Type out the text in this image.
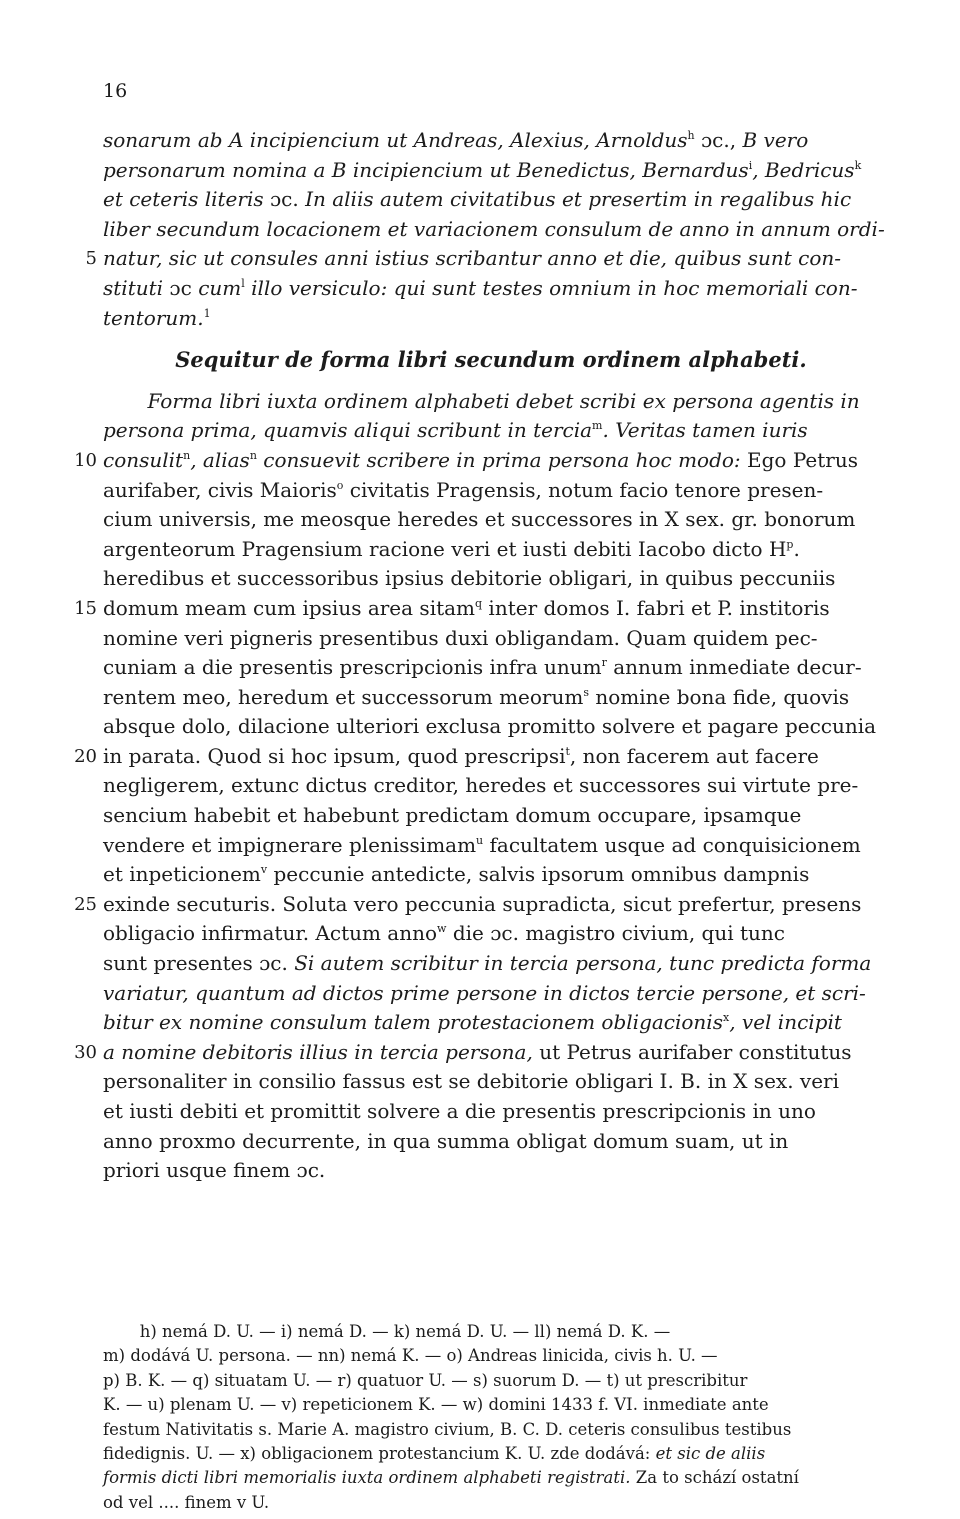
16
sonarum ab A incipiencium ut Andreas, Alexius, Arnoldus$^h$ ɔc., B vero
personarum nomina a B incipiencium ut Benedictus, Bernardus$^i$, Bedricus$^k$
et ceteris literis ɔc. In aliis autem civitatibus et presertim in regalibus hic
liber secundum locacionem et variacionem consulum de anno in annum ordi-
5 natur, sic ut consules anni istius scribantur anno et die, quibus sunt con-
stituti ɔc cum$^l$ illo versiculo: qui sunt testes omnium in hoc memoriali con-
tentorum.$^1$
Sequitur de forma libri secundum ordinem alphabeti.
Forma libri iuxta ordinem alphabeti debet scribi ex persona agentis in
persona prima, quamvis aliqui scribunt in tercia$^m$. Veritas tamen iuris
10 consulit$^n$, alias$^n$ consuevit scribere in prima persona hoc modo: Ego Petrus
aurifaber, civis Maioris$^o$ civitatis Pragensis, notum facio tenore presen-
cium universis, me meosque heredes et successores in X sex. gr. bonorum
argenteorum Pragensium racione veri et iusti debiti Iacobo dicto $H^p$.
heredibus et successoribus ipsius debitorie obligari, in quibus peccuniis
15 domum meam cum ipsius area sitam$^q$ inter domos I. fabri et P. institoris
nomine veri pigneris presentibus duxi obligandam. Quam quidem pec-
cuniam a die presentis prescripcionis infra unum$^r$ annum inmediate decur-
rentem meo, heredum et successorum meorum$^s$ nomine bona fide, quovis
absque dolo, dilacione ulteriori exclusa promitto solvere et pagare peccunia
20 in parata. Quod si hoc ipsum, quod prescripsi$^t$, non facerem aut facere
negligerem, extunc dictus creditor, heredes et successores sui virtute pre-
sencium habebit et habebunt predictam domum occupare, ipsamque
vendere et impignerare plenissimam$^u$ facultatem usque ad conquisicionem
et inpeticionem$^v$ peccunie antedicte, salvis ipsorum omnibus dampnis
25 exinde secuturis. Soluta vero peccunia supradicta, sicut prefertur, presens
obligacio infirmatur. Actum anno$^w$ die ɔc. magistro civium, qui tunc
sunt presentes ɔc. Si autem scribitur in tercia persona, tunc predicta forma
variatur, quantum ad dictos prime persone in dictos tercie persone, et scri-
bitur ex nomine consulum talem protestacionem obligacionis$^x$, vel incipit
30 a nomine debitoris illius in tercia persona, ut Petrus aurifaber constitutus
personaliter in consilio fassus est se debitorie obligari I. B. in X sex. veri
et iusti debiti et promittit solvere a die presentis prescripcionis in uno
anno proxmo decurrente, in qua summa obligat domum suam, ut in
priori usque finem ɔc.
h) nemá D. U. — i) nemá D. — k) nemá D. U. — ll) nemá D. K. —
m) dodává U. persona. — nn) nemá K. — o) Andreas linicida, civis h. U. —
p) B. K. — q) situatam U. — r) quatuor U. — s) suorum D. — t) ut prescribitur
K. — u) plenam U. — v) repeticionem K. — w) domini 1433 f. VI. inmediate ante
festum Nativitatis s. Marie A. magistro civium, B. C. D. ceteris consulibus testibus
fidedignis. U. — x) obligacionem protestancium K. U. zde dodává: et sic de aliis
formis dicti libri memorialis iuxta ordinem alphabeti registrati. Za to schází ostatní
od vel .... finem v U.
